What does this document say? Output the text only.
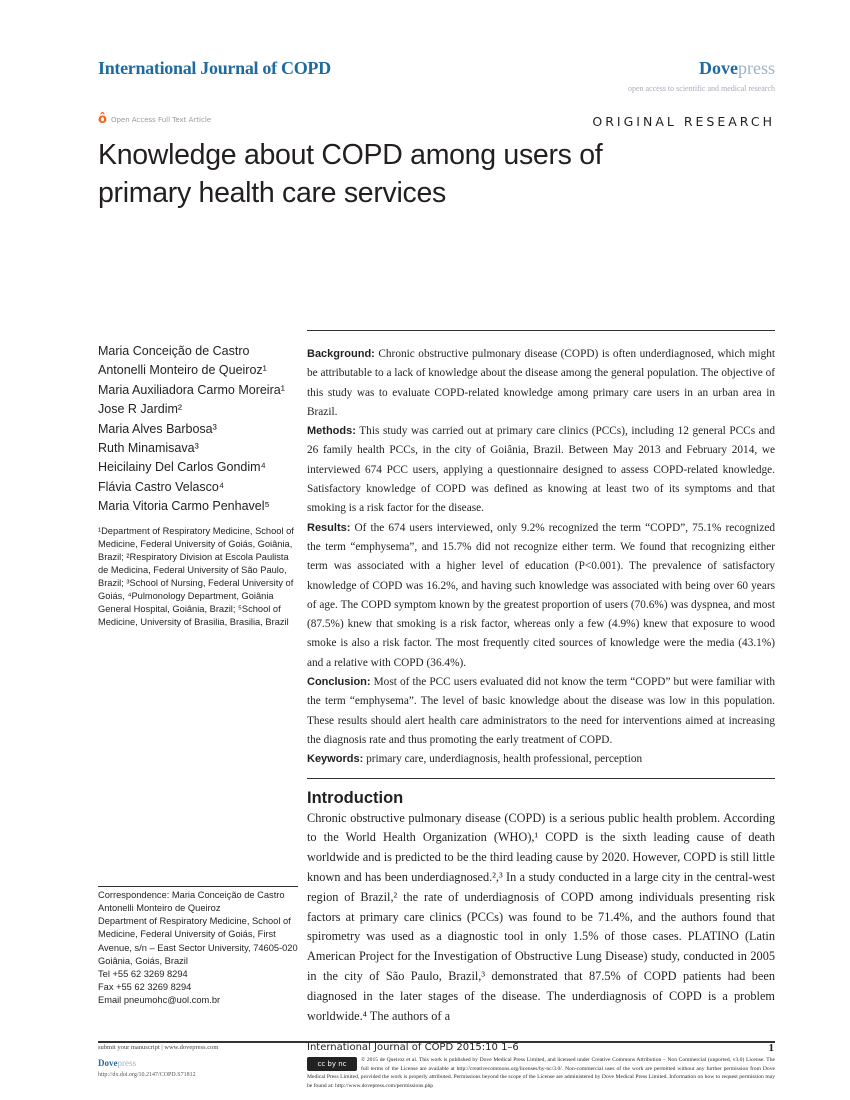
International Journal of COPD	Dovepress
open access to scientific and medical research
ô Open Access Full Text Article	ORIGINAL RESEARCH
Knowledge about COPD among users of primary health care services
Maria Conceição de Castro Antonelli Monteiro de Queiroz¹
Maria Auxiliadora Carmo Moreira¹
Jose R Jardim²
Maria Alves Barbosa³
Ruth Minamisava³
Heicilainy Del Carlos Gondim⁴
Flávia Castro Velasco⁴
Maria Vitoria Carmo Penhavel⁵
¹Department of Respiratory Medicine, School of Medicine, Federal University of Goiás, Goiânia, Brazil; ²Respiratory Division at Escola Paulista de Medicina, Federal University of São Paulo, Brazil; ³School of Nursing, Federal University of Goiás, ⁴Pulmonology Department, Goiânia General Hospital, Goiânia, Brazil; ⁵School of Medicine, University of Brasilia, Brasilia, Brazil
Correspondence: Maria Conceição de Castro Antonelli Monteiro de Queiroz
Department of Respiratory Medicine, School of Medicine, Federal University of Goiás, First Avenue, s/n – East Sector University, 74605-020
Goiânia, Goiás, Brazil
Tel +55 62 3269 8294
Fax +55 62 3269 8294
Email pneumohc@uol.com.br

Background: Chronic obstructive pulmonary disease (COPD) is often underdiagnosed, which might be attributable to a lack of knowledge about the disease among the general population. The objective of this study was to evaluate COPD-related knowledge among primary care users in an urban area in Brazil.

Methods: This study was carried out at primary care clinics (PCCs), including 12 general PCCs and 26 family health PCCs, in the city of Goiânia, Brazil. Between May 2013 and February 2014, we interviewed 674 PCC users, applying a questionnaire designed to assess COPD-related knowledge. Satisfactory knowledge of COPD was defined as knowing at least two of its symptoms and that smoking is a risk factor for the disease.

Results: Of the 674 users interviewed, only 9.2% recognized the term “COPD”, 75.1% recognized the term “emphysema”, and 15.7% did not recognize either term. We found that recognizing either term was associated with a higher level of education (P<0.001). The prevalence of satisfactory knowledge of COPD was 16.2%, and having such knowledge was associated with being over 60 years of age. The COPD symptom known by the greatest proportion of users (70.6%) was dyspnea, and most (87.5%) knew that smoking is a risk factor, whereas only a few (4.9%) knew that exposure to wood smoke is also a risk factor. The most frequently cited sources of knowledge were the media (43.1%) and a relative with COPD (36.4%).

Conclusion: Most of the PCC users evaluated did not know the term “COPD” but were familiar with the term “emphysema”. The level of basic knowledge about the disease was low in this population. These results should alert health care administrators to the need for interventions aimed at increasing the diagnosis rate and thus promoting the early treatment of COPD.

Keywords: primary care, underdiagnosis, health professional, perception

Introduction
Chronic obstructive pulmonary disease (COPD) is a serious public health problem. According to the World Health Organization (WHO),¹ COPD is the sixth leading cause of death worldwide and is predicted to be the third leading cause by 2020. However, COPD is still little known and has been underdiagnosed.²,³ In a study conducted in a large city in the central-west region of Brazil,² the rate of underdiagnosis of COPD among individuals presenting risk factors at primary care clinics (PCCs) was found to be 71.4%, and the authors found that spirometry was used as a diagnostic tool in only 1.5% of those cases. PLATINO (Latin American Project for the Investigation of Obstructive Lung Disease) study, conducted in 2005 in the city of São Paulo, Brazil,³ demonstrated that 87.5% of COPD patients had been diagnosed in the later stages of the disease. The underdiagnosis of COPD is a problem worldwide.⁴ The authors of a
submit your manuscript | www.dovepress.com
Dovepress
http://dx.doi.org/10.2147/COPD.S71812
International Journal of COPD 2015:10 1–6	1
cc by nc	© 2015 de Queiroz et al. This work is published by Dove Medical Press Limited, and licensed under Creative Commons Attribution – Non Commercial (unported, v3.0) License. The full terms of the License are available at http://creativecommons.org/licenses/by-nc/3.0/. Non-commercial uses of the work are permitted without any further permission from Dove Medical Press Limited, provided the work is properly attributed. Permissions beyond the scope of the License are administered by Dove Medical Press Limited. Information on how to request permission may be found at: http://www.dovepress.com/permissions.php
